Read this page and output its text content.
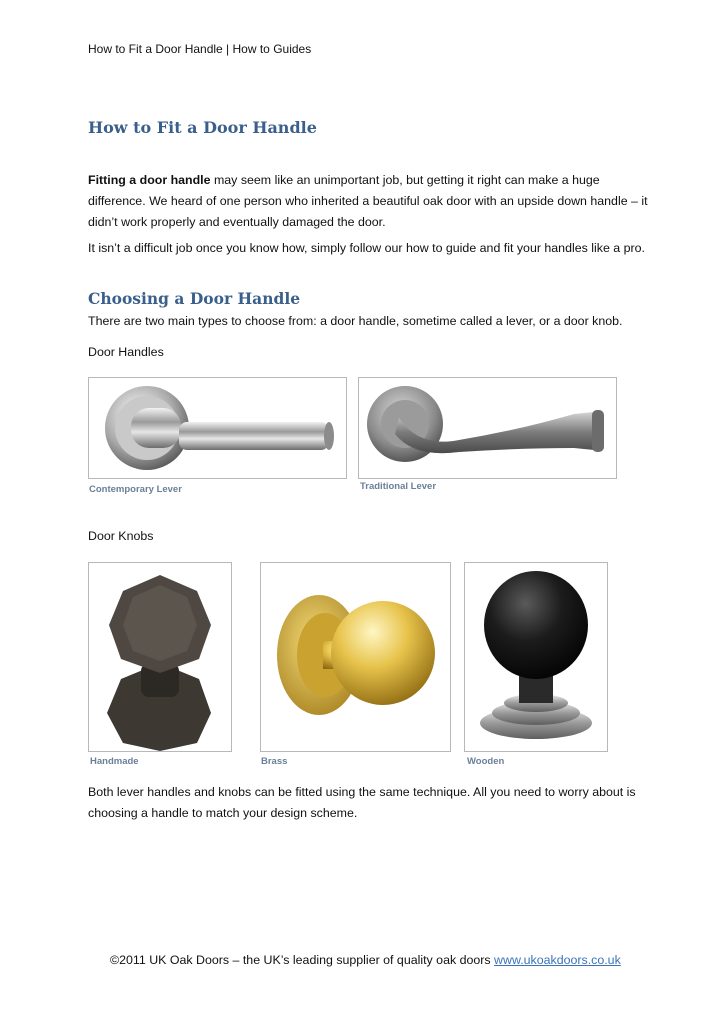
How to Fit a Door Handle | How to Guides
How to Fit a Door Handle
Fitting a door handle may seem like an unimportant job, but getting it right can make a huge difference. We heard of one person who inherited a beautiful oak door with an upside down handle – it didn’t work properly and eventually damaged the door.
It isn’t a difficult job once you know how, simply follow our how to guide and fit your handles like a pro.
Choosing a Door Handle
There are two main types to choose from: a door handle, sometime called a lever, or a door knob.
Door Handles
Contemporary Lever	Traditional Lever
Door Knobs
Handmade	Brass	Wooden
Both lever handles and knobs can be fitted using the same technique. All you need to worry about is choosing a handle to match your design scheme.
©2011 UK Oak Doors – the UK’s leading supplier of quality oak doors www.ukoakdoors.co.uk
